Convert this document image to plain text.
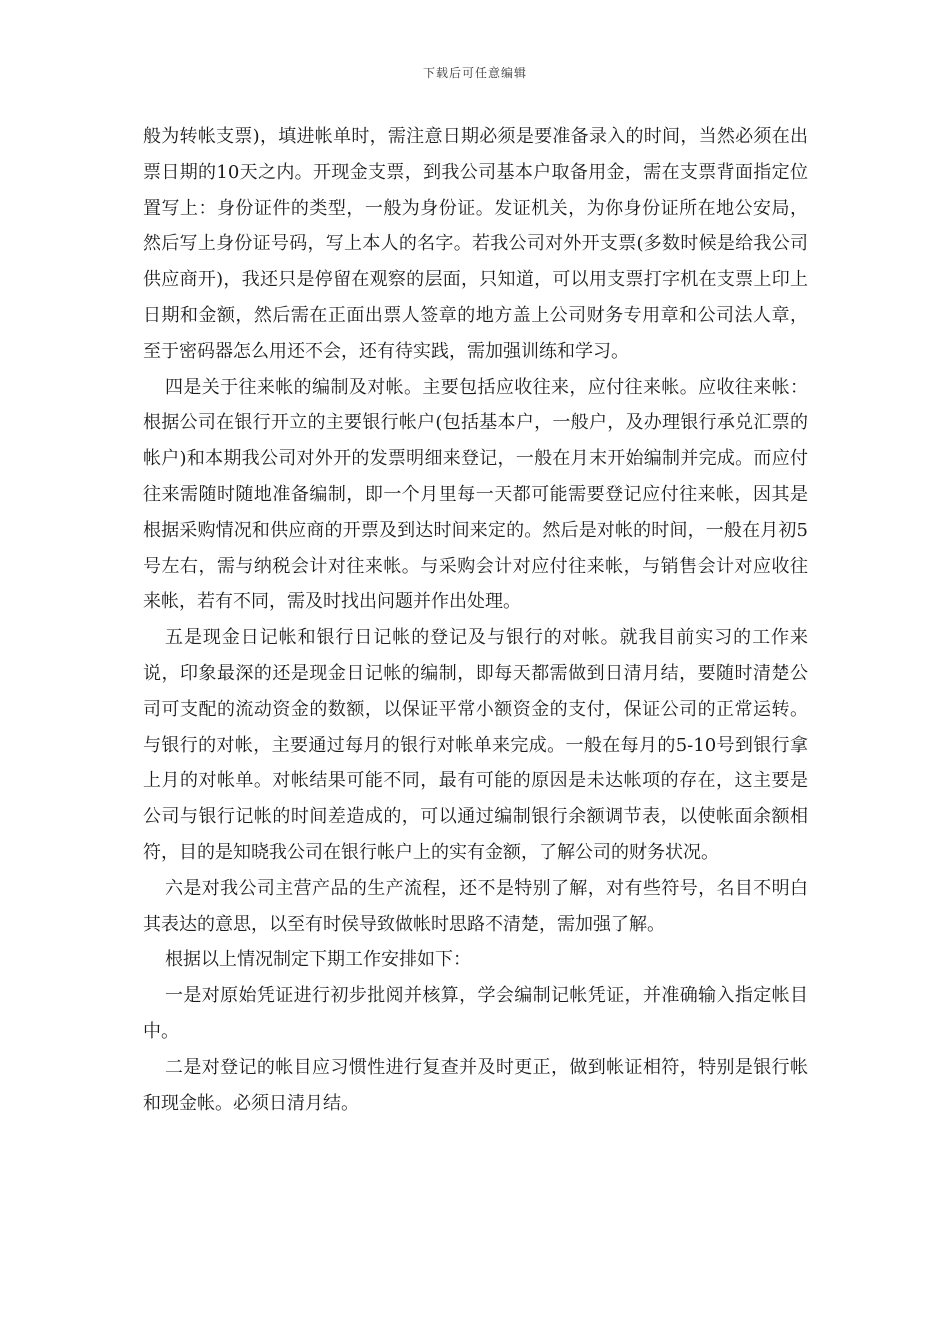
下载后可任意编辑

般为转帐支票)，填进帐单时，需注意日期必须是要准备录入的时间，当然必须在出票日期的10天之内。开现金支票，到我公司基本户取备用金，需在支票背面指定位置写上：身份证件的类型，一般为身份证。发证机关，为你身份证所在地公安局，然后写上身份证号码，写上本人的名字。若我公司对外开支票(多数时候是给我公司供应商开)，我还只是停留在观察的层面，只知道，可以用支票打字机在支票上印上日期和金额，然后需在正面出票人签章的地方盖上公司财务专用章和公司法人章，至于密码器怎么用还不会，还有待实践，需加强训练和学习。

四是关于往来帐的编制及对帐。主要包括应收往来，应付往来帐。应收往来帐：根据公司在银行开立的主要银行帐户(包括基本户，一般户，及办理银行承兑汇票的帐户)和本期我公司对外开的发票明细来登记，一般在月末开始编制并完成。而应付往来需随时随地准备编制，即一个月里每一天都可能需要登记应付往来帐，因其是根据采购情况和供应商的开票及到达时间来定的。然后是对帐的时间，一般在月初5号左右，需与纳税会计对往来帐。与采购会计对应付往来帐，与销售会计对应收往来帐，若有不同，需及时找出问题并作出处理。

五是现金日记帐和银行日记帐的登记及与银行的对帐。就我目前实习的工作来说，印象最深的还是现金日记帐的编制，即每天都需做到日清月结，要随时清楚公司可支配的流动资金的数额，以保证平常小额资金的支付，保证公司的正常运转。与银行的对帐，主要通过每月的银行对帐单来完成。一般在每月的5-10号到银行拿上月的对帐单。对帐结果可能不同，最有可能的原因是未达帐项的存在，这主要是公司与银行记帐的时间差造成的，可以通过编制银行余额调节表，以使帐面余额相符，目的是知晓我公司在银行帐户上的实有金额，了解公司的财务状况。

六是对我公司主营产品的生产流程，还不是特别了解，对有些符号，名目不明白其表达的意思，以至有时侯导致做帐时思路不清楚，需加强了解。

根据以上情况制定下期工作安排如下：

一是对原始凭证进行初步批阅并核算，学会编制记帐凭证，并准确输入指定帐目中。

二是对登记的帐目应习惯性进行复查并及时更正，做到帐证相符，特别是银行帐和现金帐。必须日清月结。
